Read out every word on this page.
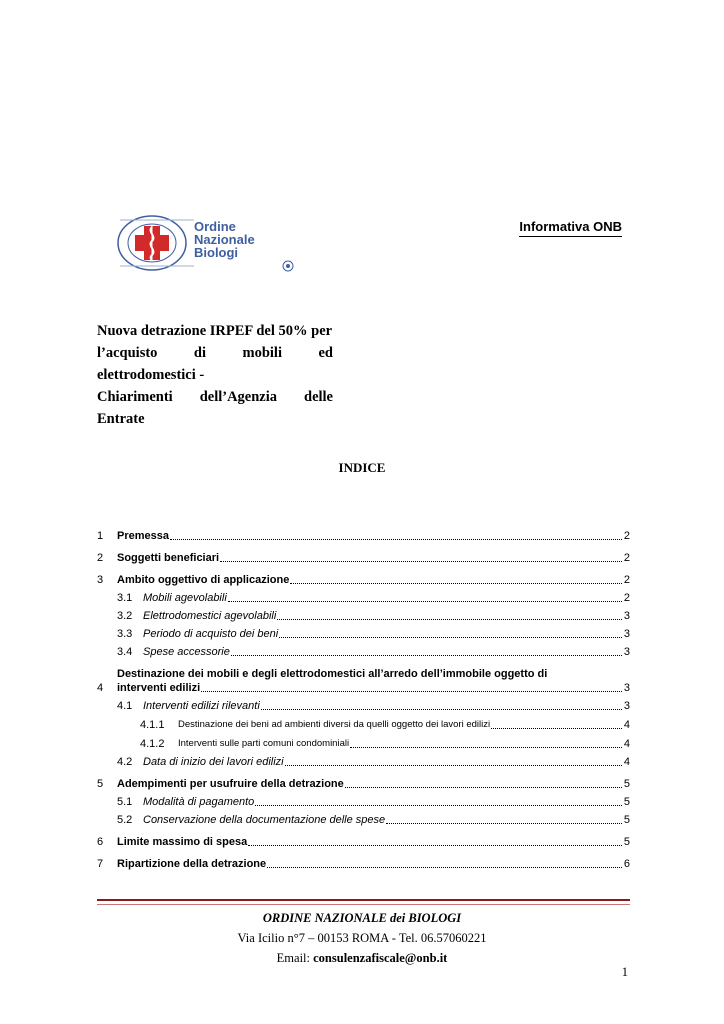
Ordine
Nazionale
Biologi
Informativa ONB
Nuova detrazione IRPEF del 50% per
l’acquisto di mobili ed elettrodomestici -
Chiarimenti dell’Agenzia delle Entrate
INDICE
1 Premessa	2
2 Soggetti beneficiari	2
3 Ambito oggettivo di applicazione	2
3.1 Mobili agevolabili	2
3.2 Elettrodomestici agevolabili	3
3.3 Periodo di acquisto dei beni	3
3.4 Spese accessorie	3
4
Destinazione dei mobili e degli elettrodomestici all’arredo dell’immobile oggetto di
interventi edilizi	3
4.1 Interventi edilizi rilevanti	3
4.1.1 Destinazione dei beni ad ambienti diversi da quelli oggetto dei lavori edilizi	4
4.1.2 Interventi sulle parti comuni condominiali	4
4.2 Data di inizio dei lavori edilizi	4
5 Adempimenti per usufruire della detrazione	5
5.1 Modalità di pagamento	5
5.2 Conservazione della documentazione delle spese	5
6 Limite massimo di spesa	5
7 Ripartizione della detrazione	6
ORDINE NAZIONALE dei BIOLOGI
Via Icilio n°7 – 00153 ROMA - Tel. 06.57060221
Email: consulenzafiscale@onb.it
1
